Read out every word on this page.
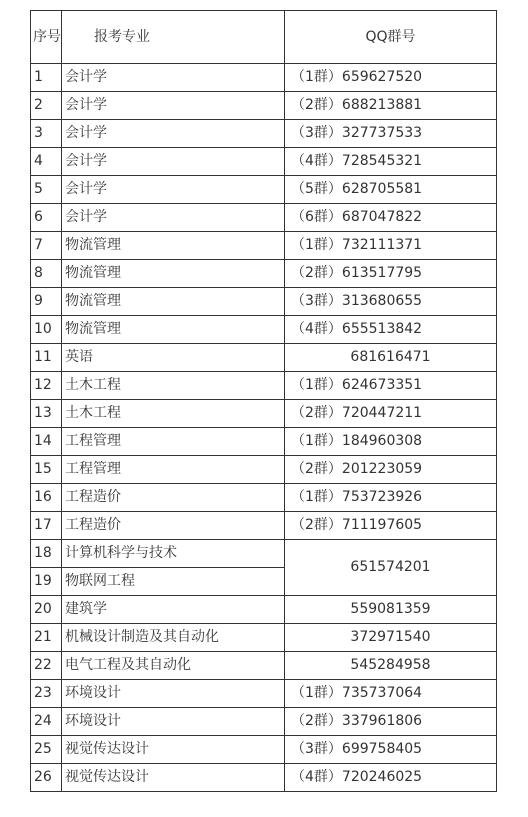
序号	报考专业	QQ群号
1	会计学	（1群）659627520
2	会计学	（2群）688213881
3	会计学	（3群）327737533
4	会计学	（4群）728545321
5	会计学	（5群）628705581
6	会计学	（6群）687047822
7	物流管理	（1群）732111371
8	物流管理	（2群）613517795
9	物流管理	（3群）313680655
10	物流管理	（4群）655513842
11	英语	681616471
12	土木工程	（1群）624673351
13	土木工程	（2群）720447211
14	工程管理	（1群）184960308
15	工程管理	（2群）201223059
16	工程造价	（1群）753723926
17	工程造价	（2群）711197605
18	计算机科学与技术	651574201
19	物联网工程	
20	建筑学	559081359
21	机械设计制造及其自动化	372971540
22	电气工程及其自动化	545284958
23	环境设计	（1群）735737064
24	环境设计	（2群）337961806
25	视觉传达设计	（3群）699758405
26	视觉传达设计	（4群）720246025
